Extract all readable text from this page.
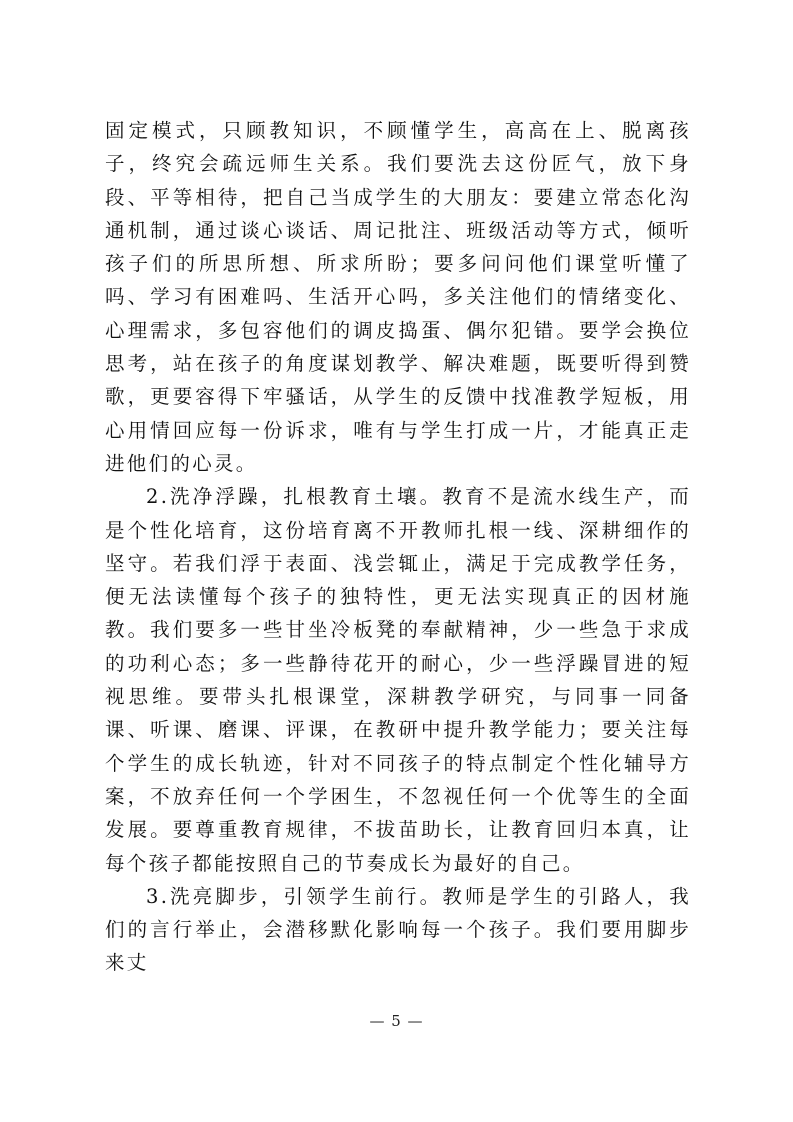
固定模式，只顾教知识，不顾懂学生，高高在上、脱离孩子，终究会疏远师生关系。我们要洗去这份匠气，放下身段、平等相待，把自己当成学生的大朋友：要建立常态化沟通机制，通过谈心谈话、周记批注、班级活动等方式，倾听孩子们的所思所想、所求所盼；要多问问他们课堂听懂了吗、学习有困难吗、生活开心吗，多关注他们的情绪变化、心理需求，多包容他们的调皮捣蛋、偶尔犯错。要学会换位思考，站在孩子的角度谋划教学、解决难题，既要听得到赞歌，更要容得下牢骚话，从学生的反馈中找准教学短板，用心用情回应每一份诉求，唯有与学生打成一片，才能真正走进他们的心灵。

2.洗净浮躁，扎根教育土壤。教育不是流水线生产，而是个性化培育，这份培育离不开教师扎根一线、深耕细作的坚守。若我们浮于表面、浅尝辄止，满足于完成教学任务，便无法读懂每个孩子的独特性，更无法实现真正的因材施教。我们要多一些甘坐冷板凳的奉献精神，少一些急于求成的功利心态；多一些静待花开的耐心，少一些浮躁冒进的短视思维。要带头扎根课堂，深耕教学研究，与同事一同备课、听课、磨课、评课，在教研中提升教学能力；要关注每个学生的成长轨迹，针对不同孩子的特点制定个性化辅导方案，不放弃任何一个学困生，不忽视任何一个优等生的全面发展。要尊重教育规律，不拔苗助长，让教育回归本真，让每个孩子都能按照自己的节奏成长为最好的自己。

3.洗亮脚步，引领学生前行。教师是学生的引路人，我们的言行举止，会潜移默化影响每一个孩子。我们要用脚步来丈

— 5 —
